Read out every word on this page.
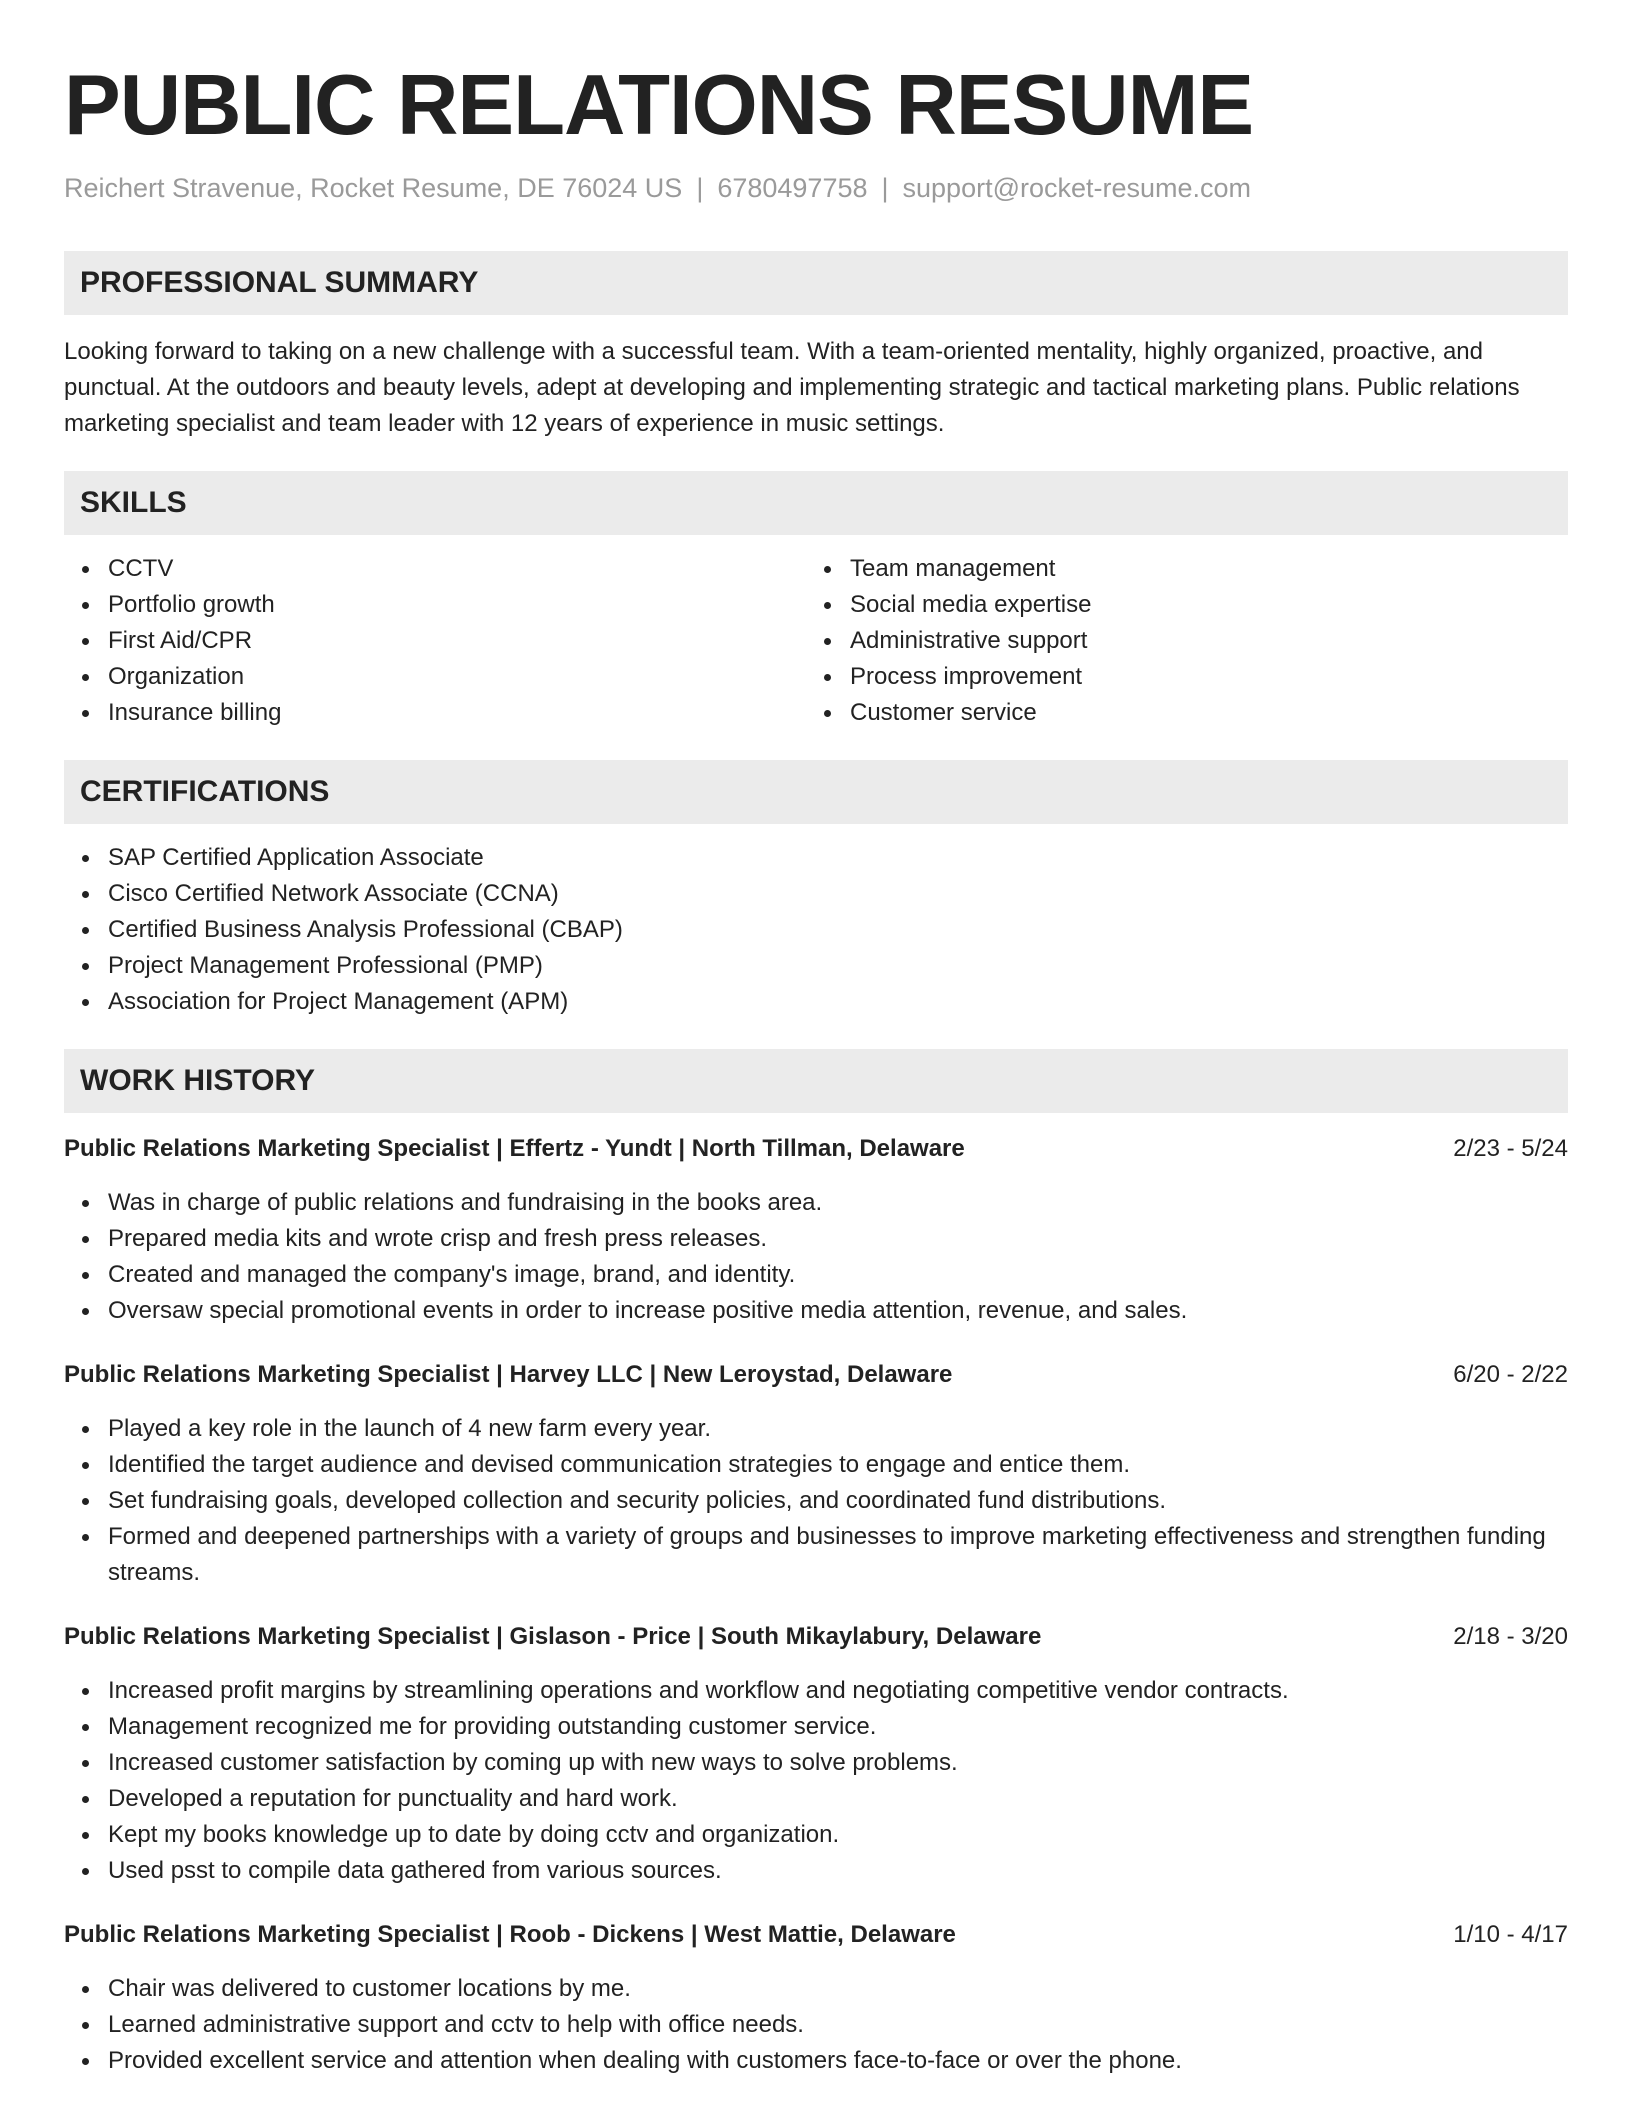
PUBLIC RELATIONS RESUME
Reichert Stravenue, Rocket Resume, DE 76024 US | 6780497758 | support@rocket-resume.com
PROFESSIONAL SUMMARY

Looking forward to taking on a new challenge with a successful team. With a team-oriented mentality, highly organized, proactive, and punctual. At the outdoors and beauty levels, adept at developing and implementing strategic and tactical marketing plans. Public relations marketing specialist and team leader with 12 years of experience in music settings.

SKILLS
CCTV
Portfolio growth
First Aid/CPR
Organization
Insurance billing
Team management
Social media expertise
Administrative support
Process improvement
Customer service
CERTIFICATIONS
SAP Certified Application Associate
Cisco Certified Network Associate (CCNA)
Certified Business Analysis Professional (CBAP)
Project Management Professional (PMP)
Association for Project Management (APM)
WORK HISTORY
Public Relations Marketing Specialist | Effertz - Yundt | North Tillman, Delaware	2/23 - 5/24
Was in charge of public relations and fundraising in the books area.
Prepared media kits and wrote crisp and fresh press releases.
Created and managed the company's image, brand, and identity.
Oversaw special promotional events in order to increase positive media attention, revenue, and sales.
Public Relations Marketing Specialist | Harvey LLC | New Leroystad, Delaware	6/20 - 2/22
Played a key role in the launch of 4 new farm every year.
Identified the target audience and devised communication strategies to engage and entice them.
Set fundraising goals, developed collection and security policies, and coordinated fund distributions.
Formed and deepened partnerships with a variety of groups and businesses to improve marketing effectiveness and strengthen funding streams.
Public Relations Marketing Specialist | Gislason - Price | South Mikaylabury, Delaware	2/18 - 3/20
Increased profit margins by streamlining operations and workflow and negotiating competitive vendor contracts.
Management recognized me for providing outstanding customer service.
Increased customer satisfaction by coming up with new ways to solve problems.
Developed a reputation for punctuality and hard work.
Kept my books knowledge up to date by doing cctv and organization.
Used psst to compile data gathered from various sources.
Public Relations Marketing Specialist | Roob - Dickens | West Mattie, Delaware	1/10 - 4/17
Chair was delivered to customer locations by me.
Learned administrative support and cctv to help with office needs.
Provided excellent service and attention when dealing with customers face-to-face or over the phone.
